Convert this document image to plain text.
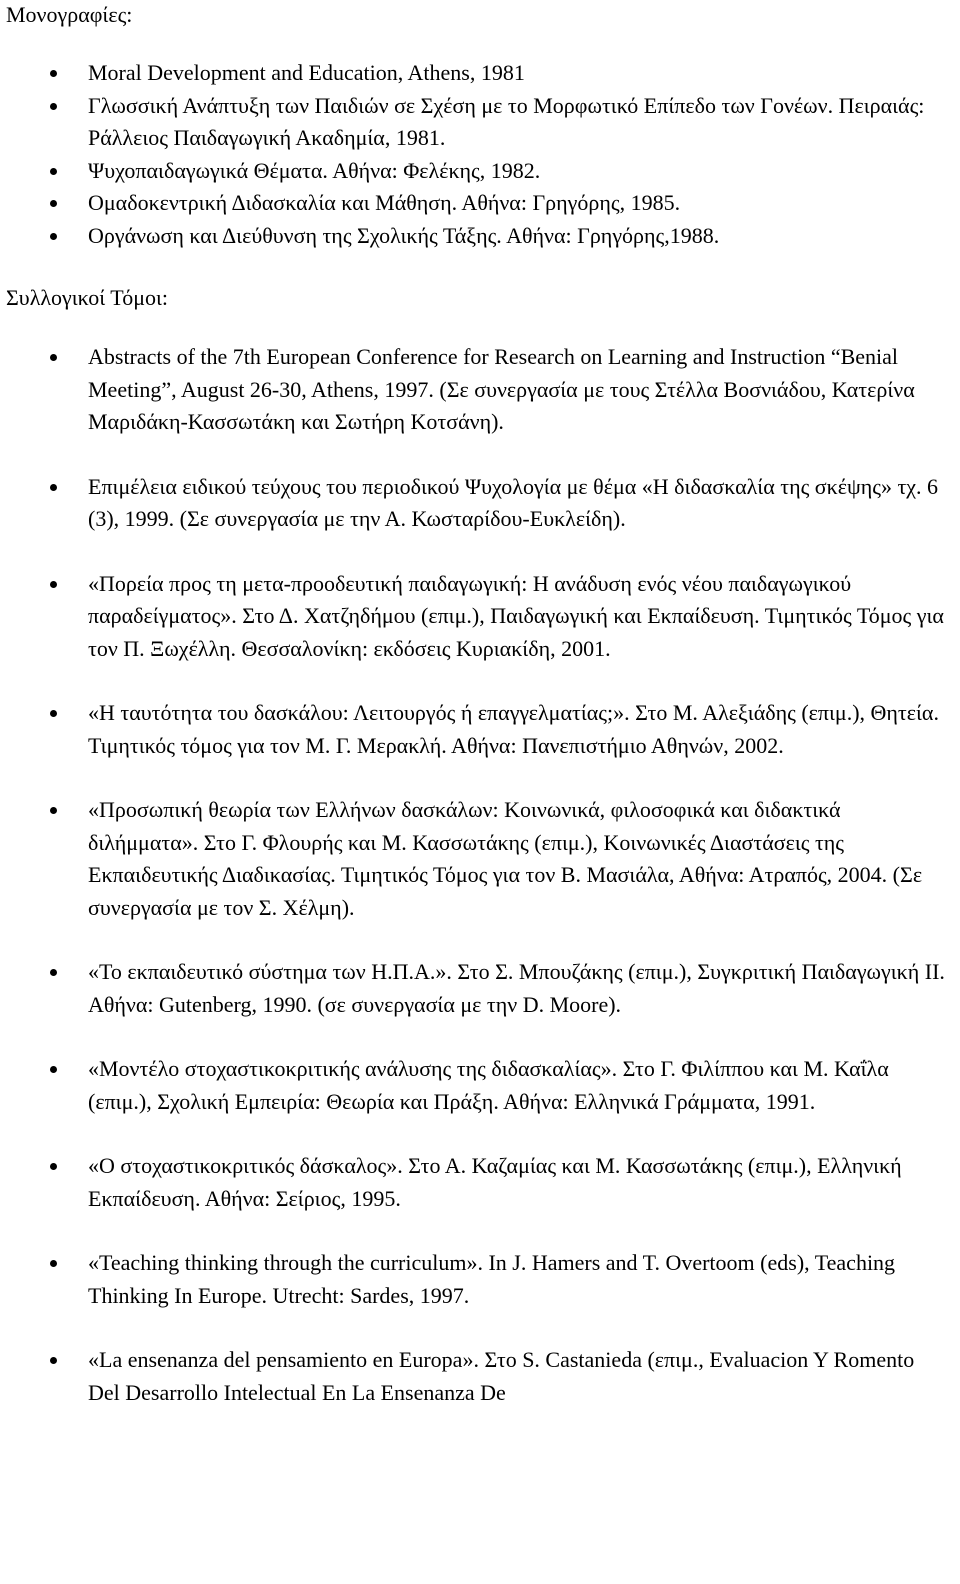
Μονογραφίες:
Moral Development and Education, Athens, 1981
Γλωσσική Ανάπτυξη των Παιδιών σε Σχέση με το Μορφωτικό Επίπεδο των Γονέων. Πειραιάς: Ράλλειος Παιδαγωγική Ακαδημία, 1981.
Ψυχοπαιδαγωγικά Θέματα. Αθήνα: Φελέκης, 1982.
Ομαδοκεντρική Διδασκαλία και Μάθηση. Αθήνα: Γρηγόρης, 1985.
Οργάνωση και Διεύθυνση της Σχολικής Τάξης. Αθήνα: Γρηγόρης,1988.
Συλλογικοί Τόμοι:
Abstracts of the 7th European Conference for Research on Learning and Instruction “Benial Meeting”, August 26-30, Athens, 1997. (Σε συνεργασία με τους Στέλλα Βοσνιάδου, Κατερίνα Μαριδάκη-Κασσωτάκη και Σωτήρη Κοτσάνη).
Επιμέλεια ειδικού τεύχους του περιοδικού Ψυχολογία με θέμα «Η διδασκαλία της σκέψης» τχ. 6 (3), 1999. (Σε συνεργασία με την Α. Κωσταρίδου-Ευκλείδη).
«Πορεία προς τη μετα-προοδευτική παιδαγωγική: Η ανάδυση ενός νέου παιδαγωγικού παραδείγματος». Στο Δ. Χατζηδήμου (επιμ.), Παιδαγωγική και Εκπαίδευση. Τιμητικός Τόμος για τον Π. Ξωχέλλη. Θεσσαλονίκη: εκδόσεις Κυριακίδη, 2001.
«Η ταυτότητα του δασκάλου: Λειτουργός ή επαγγελματίας;». Στο Μ. Αλεξιάδης (επιμ.), Θητεία. Τιμητικός τόμος για τον Μ. Γ. Μερακλή. Αθήνα: Πανεπιστήμιο Αθηνών, 2002.
«Προσωπική θεωρία των Ελλήνων δασκάλων: Κοινωνικά, φιλοσοφικά και διδακτικά διλήμματα». Στο Γ. Φλουρής και Μ. Κασσωτάκης (επιμ.), Κοινωνικές Διαστάσεις της Εκπαιδευτικής Διαδικασίας. Τιμητικός Τόμος για τον Β. Μασιάλα, Αθήνα: Ατραπός, 2004. (Σε συνεργασία με τον Σ. Χέλμη).
«Το εκπαιδευτικό σύστημα των Η.Π.Α.». Στο Σ. Μπουζάκης (επιμ.), Συγκριτική Παιδαγωγική ΙΙ. Αθήνα: Gutenberg, 1990. (σε συνεργασία με την D. Moore).
«Μοντέλο στοχαστικοκριτικής ανάλυσης της διδασκαλίας». Στο Γ. Φιλίππου και Μ. Καΐλα (επιμ.), Σχολική Εμπειρία: Θεωρία και Πράξη. Αθήνα: Ελληνικά Γράμματα, 1991.
«Ο στοχαστικοκριτικός δάσκαλος». Στο Α. Καζαμίας και Μ. Κασσωτάκης (επιμ.), Ελληνική Εκπαίδευση. Αθήνα: Σείριος, 1995.
«Teaching thinking through the curriculum». In J. Hamers and T. Overtoom (eds), Teaching Thinking In Europe. Utrecht: Sardes, 1997.
«La ensenanza del pensamiento en Europa». Στο S. Castanieda (επιμ., Evaluacion Y Romento Del Desarrollo Intelectual En La Ensenanza De
